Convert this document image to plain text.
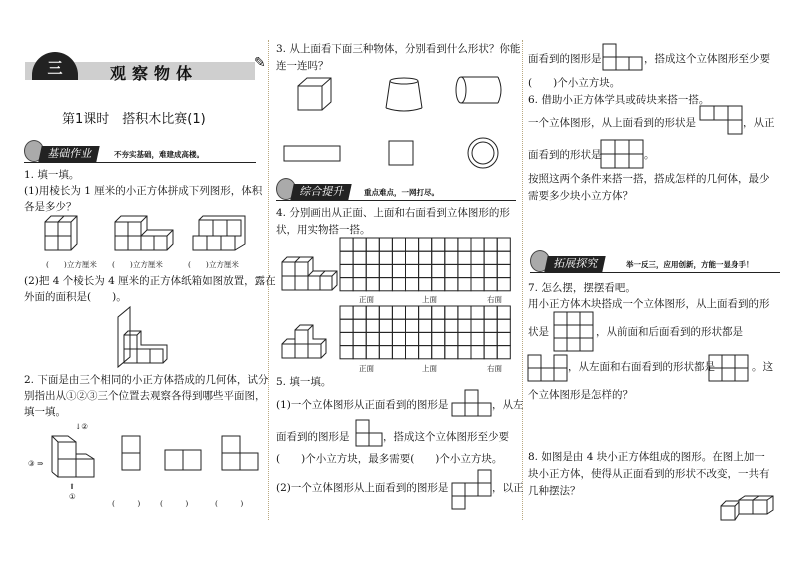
三	观察物体
✎
第1课时　搭积木比赛(1)
基础作业	不夯实基础，难建成高楼。
1. 填一填。
(1)用棱长为 1 厘米的小正方体拼成下列图形，体积
各是多少？
(　　)立方厘米 (　　)立方厘米	(　　)立方厘米
(2)把 4 个棱长为 4 厘米的正方体纸箱如图放置，露在
外面的面积是(　　)。
2. 下面是由三个相同的小正方体搭成的几何体，试分
别指出从①②③三个位置去观察各得到哪些平面图，
填一填。
↓②
③ ⇒
⇑
①
(　　　)	(　　　)	(　　　)
3. 从上面看下面三种物体，分别看到什么形状？你能
连一连吗？
综合提升	重点难点，一网打尽。
4. 分别画出从正面、上面和右面看到立体图形的形
状，用实物搭一搭。
正面	上面	右面
正面	上面	右面
5. 填一填。
(1)一个立体图形从正面看到的图形是	，从左
面看到的图形是	，搭成这个立体图形至少要
(　　)个小立方块，最多需要(　　)个小立方块。
(2)一个立体图形从上面看到的图形是	，以正
面看到的图形是	，搭成这个立体图形至少要
(　　)个小立方块。
6. 借助小正方体学具或砖块来搭一搭。
一个立体图形，从上面看到的形状是	，从正
面看到的形状是	。
按照这两个条件来搭一搭，搭成怎样的几何体，最少
需要多少块小立方体？
拓展探究	举一反三，应用创新，方能一显身手！
7. 怎么摆，摆摆看吧。
用小正方体木块搭成一个立体图形，从上面看到的形
状是	，从前面和后面看到的形状都是
，从左面和右面看到的形状都是	。这
个立体图形是怎样的？
8. 如图是由 4 块小正方体组成的图形。在图上加一
块小正方体，使得从正面看到的形状不改变，一共有
几种摆法？
